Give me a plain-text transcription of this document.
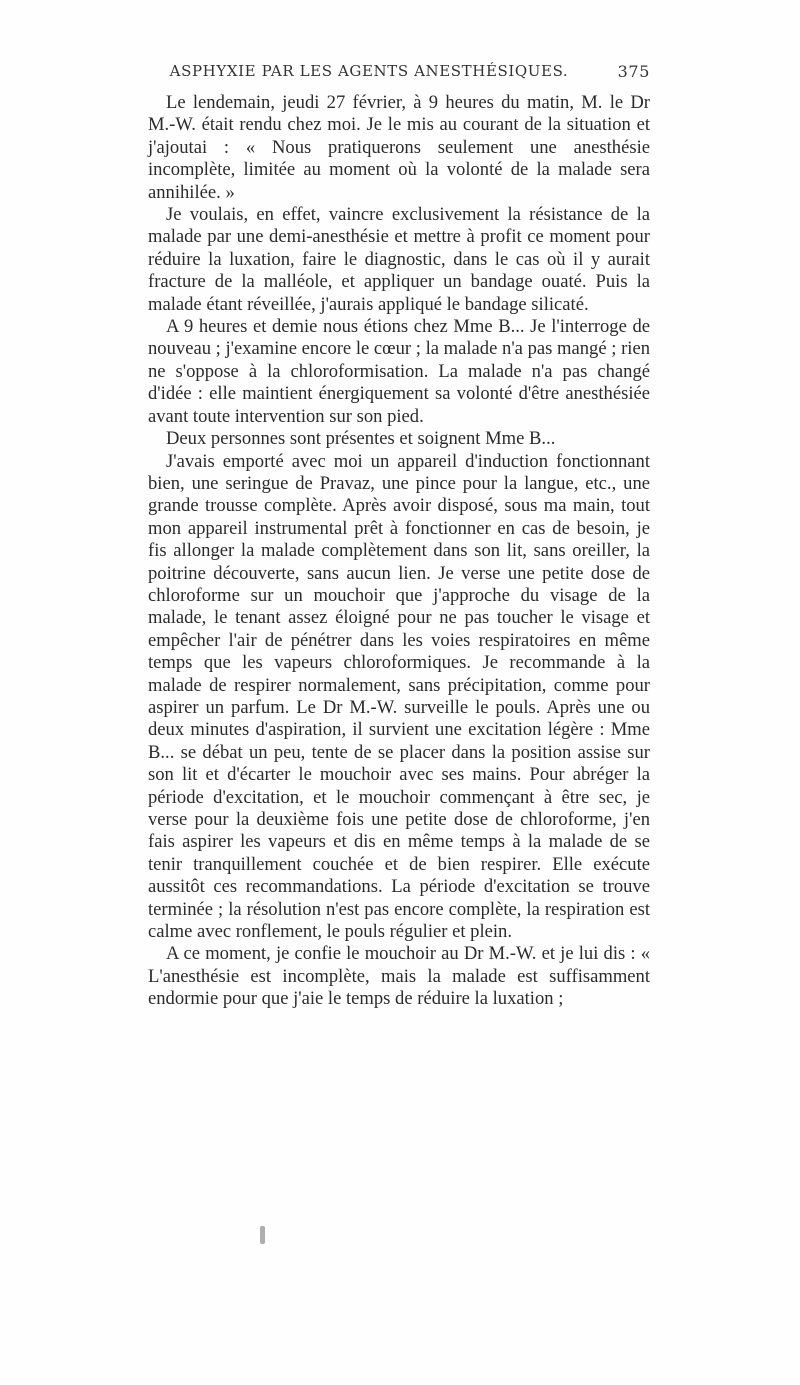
ASPHYXIE PAR LES AGENTS ANESTHÉSIQUES.	375

Le lendemain, jeudi 27 février, à 9 heures du matin, M. le Dr M.-W. était rendu chez moi. Je le mis au courant de la situation et j'ajoutai : « Nous pratiquerons seulement une anesthésie incomplète, limitée au moment où la volonté de la malade sera annihilée. »

Je voulais, en effet, vaincre exclusivement la résistance de la malade par une demi-anesthésie et mettre à profit ce moment pour réduire la luxation, faire le diagnostic, dans le cas où il y aurait fracture de la malléole, et appliquer un bandage ouaté. Puis la malade étant réveillée, j'aurais appliqué le bandage silicaté.

A 9 heures et demie nous étions chez Mme B... Je l'interroge de nouveau ; j'examine encore le cœur ; la malade n'a pas mangé ; rien ne s'oppose à la chloroformisation. La malade n'a pas changé d'idée : elle maintient énergiquement sa volonté d'être anesthésiée avant toute intervention sur son pied.

Deux personnes sont présentes et soignent Mme B...

J'avais emporté avec moi un appareil d'induction fonctionnant bien, une seringue de Pravaz, une pince pour la langue, etc., une grande trousse complète. Après avoir disposé, sous ma main, tout mon appareil instrumental prêt à fonctionner en cas de besoin, je fis allonger la malade complètement dans son lit, sans oreiller, la poitrine découverte, sans aucun lien. Je verse une petite dose de chloroforme sur un mouchoir que j'approche du visage de la malade, le tenant assez éloigné pour ne pas toucher le visage et empêcher l'air de pénétrer dans les voies respiratoires en même temps que les vapeurs chloroformiques. Je recommande à la malade de respirer normalement, sans précipitation, comme pour aspirer un parfum. Le Dr M.-W. surveille le pouls. Après une ou deux minutes d'aspiration, il survient une excitation légère : Mme B... se débat un peu, tente de se placer dans la position assise sur son lit et d'écarter le mouchoir avec ses mains. Pour abréger la période d'excitation, et le mouchoir commençant à être sec, je verse pour la deuxième fois une petite dose de chloroforme, j'en fais aspirer les vapeurs et dis en même temps à la malade de se tenir tranquillement couchée et de bien respirer. Elle exécute aussitôt ces recommandations. La période d'excitation se trouve terminée ; la résolution n'est pas encore complète, la respiration est calme avec ronflement, le pouls régulier et plein.

A ce moment, je confie le mouchoir au Dr M.-W. et je lui dis : « L'anesthésie est incomplète, mais la malade est suffisamment endormie pour que j'aie le temps de réduire la luxation ;
